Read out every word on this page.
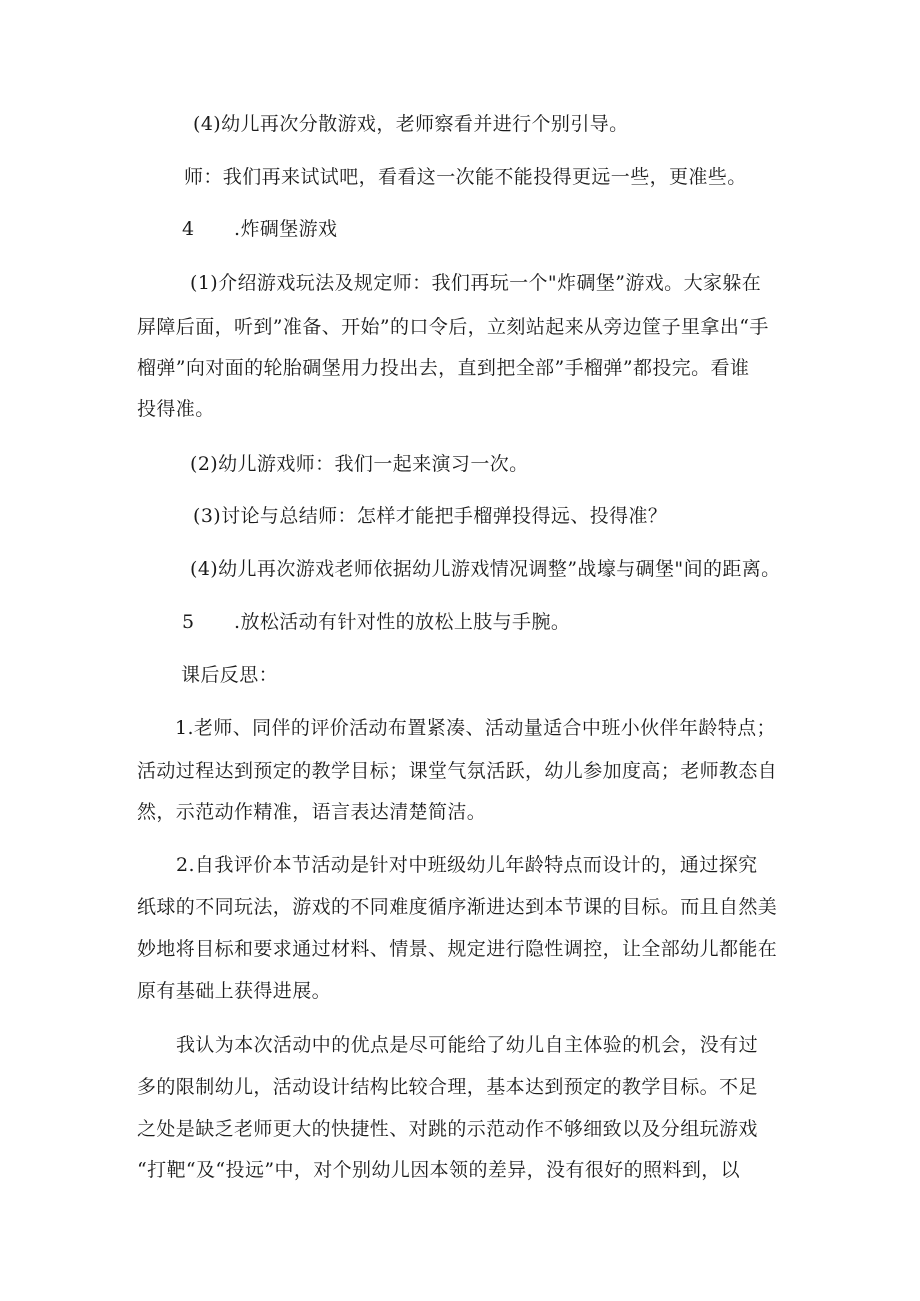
(4)幼儿再次分散游戏，老师察看并进行个别引导。
师：我们再来试试吧，看看这一次能不能投得更远一些，更准些。
4 .炸碉堡游戏
(1)介绍游戏玩法及规定师：我们再玩一个"炸碉堡”游戏。大家躲在
屏障后面，听到”准备、开始”的口令后，立刻站起来从旁边筐子里拿出“手
榴弹”向对面的轮胎碉堡用力投出去，直到把全部”手榴弹”都投完。看谁
投得准。
(2)幼儿游戏师：我们一起来演习一次。
(3)讨论与总结师：怎样才能把手榴弹投得远、投得准？
(4)幼儿再次游戏老师依据幼儿游戏情况调整”战壕与碉堡"间的距离。
5 .放松活动有针对性的放松上肢与手腕。
课后反思：
1.老师、同伴的评价活动布置紧凑、活动量适合中班小伙伴年龄特点；
活动过程达到预定的教学目标；课堂气氛活跃，幼儿参加度高；老师教态自
然，示范动作精准，语言表达清楚简洁。
2.自我评价本节活动是针对中班级幼儿年龄特点而设计的，通过探究
纸球的不同玩法，游戏的不同难度循序渐进达到本节课的目标。而且自然美
妙地将目标和要求通过材料、情景、规定进行隐性调控，让全部幼儿都能在
原有基础上获得进展。
我认为本次活动中的优点是尽可能给了幼儿自主体验的机会，没有过
多的限制幼儿，活动设计结构比较合理，基本达到预定的教学目标。不足
之处是缺乏老师更大的快捷性、对跳的示范动作不够细致以及分组玩游戏
“打靶“及“投远”中，对个别幼儿因本领的差异，没有很好的照料到，以
